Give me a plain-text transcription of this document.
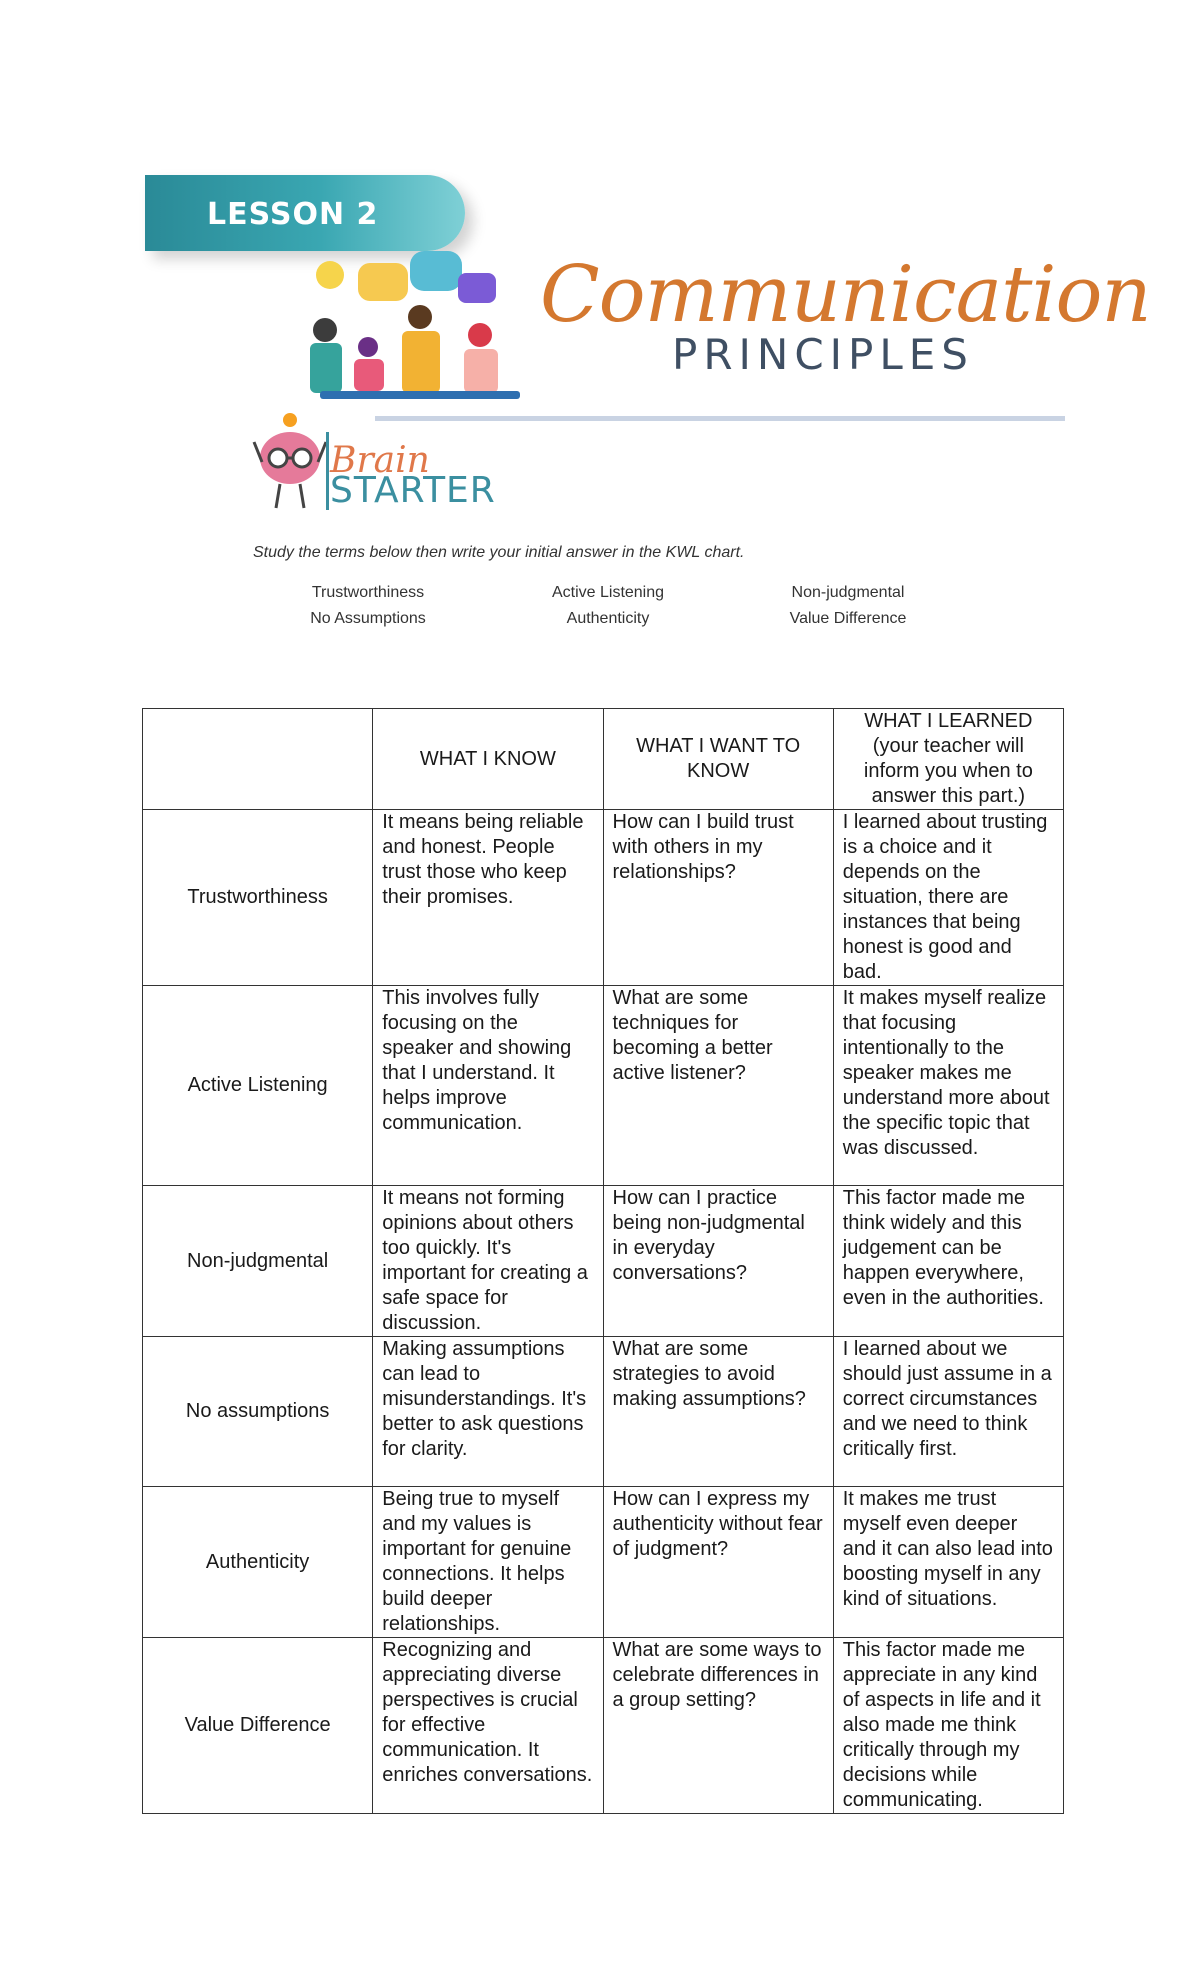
LESSON 2
Communication
PRINCIPLES
Brain
STARTER
Study the terms below then write your initial answer in the KWL chart.
Trustworthiness	Active Listening	Non-judgmental
No Assumptions	Authenticity	Value Difference
	WHAT I KNOW	WHAT I WANT TO KNOW	WHAT I LEARNED (your teacher will inform you when to answer this part.)
Trustworthiness	It means being reliable and honest. People trust those who keep their promises.	How can I build trust with others in my relationships?	I learned about trusting is a choice and it depends on the situation, there are instances that being honest is good and bad.
Active Listening	This involves fully focusing on the speaker and showing that I understand. It helps improve communication.	What are some techniques for becoming a better active listener?	It makes myself realize that focusing intentionally to the speaker makes me understand more about the specific topic that was discussed.
Non-judgmental	It means not forming opinions about others too quickly. It's important for creating a safe space for discussion.	How can I practice being non-judgmental in everyday conversations?	This factor made me think widely and this judgement can be happen everywhere, even in the authorities.
No assumptions	Making assumptions can lead to misunderstandings. It's better to ask questions for clarity.	What are some strategies to avoid making assumptions?	I learned about we should just assume in a correct circumstances and we need to think critically first.
Authenticity	Being true to myself and my values is important for genuine connections. It helps build deeper relationships.	How can I express my authenticity without fear of judgment?	It makes me trust myself even deeper and it can also lead into boosting myself in any kind of situations.
Value Difference	Recognizing and appreciating diverse perspectives is crucial for effective communication. It enriches conversations.	What are some ways to celebrate differences in a group setting?	This factor made me appreciate in any kind of aspects in life and it also made me think critically through my decisions while communicating.
